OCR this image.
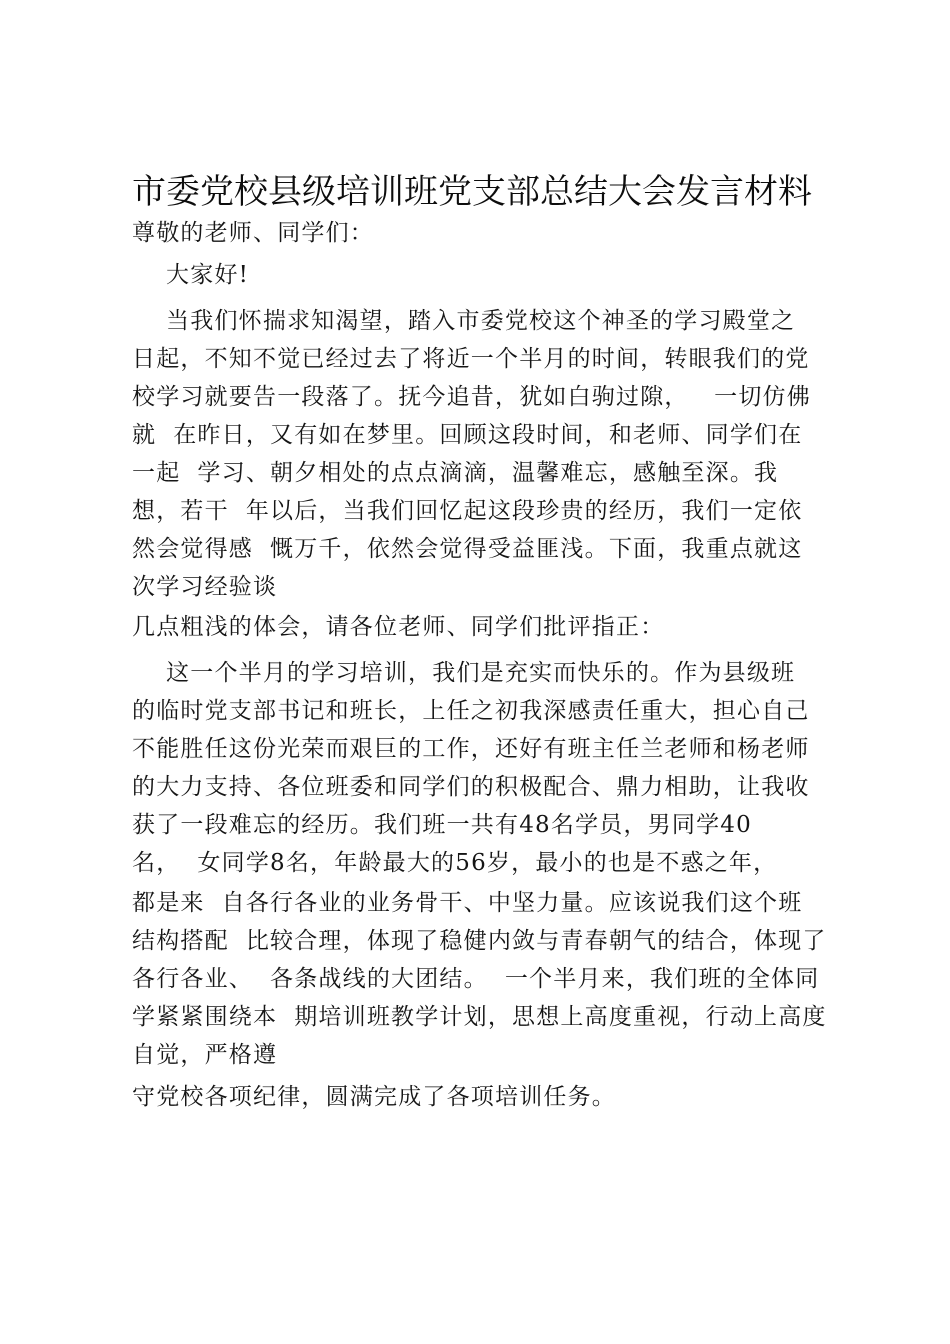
市委党校县级培训班党支部总结大会发言材料
尊敬的老师、同学们：
大家好!
当我们怀揣求知渴望，踏入市委党校这个神圣的学习殿堂之
日起，不知不觉已经过去了将近一个半月的时间，转眼我们的党
校学习就要告一段落了。抚今追昔，犹如白驹过隙，   一切仿佛
就  在昨日，又有如在梦里。回顾这段时间，和老师、同学们在
一起  学习、朝夕相处的点点滴滴，温馨难忘，感触至深。我
想，若干  年以后，当我们回忆起这段珍贵的经历，我们一定依
然会觉得感  慨万千，依然会觉得受益匪浅。下面，我重点就这
次学习经验谈
几点粗浅的体会，请各位老师、同学们批评指正：
这一个半月的学习培训，我们是充实而快乐的。作为县级班
的临时党支部书记和班长，上任之初我深感责任重大，担心自己
不能胜任这份光荣而艰巨的工作，还好有班主任兰老师和杨老师
的大力支持、各位班委和同学们的积极配合、鼎力相助，让我收
获了一段难忘的经历。我们班一共有48名学员，男同学40
名，  女同学8名，年龄最大的56岁，最小的也是不惑之年，
都是来  自各行各业的业务骨干、中坚力量。应该说我们这个班
结构搭配  比较合理，体现了稳健内敛与青春朝气的结合，体现了
各行各业、  各条战线的大团结。  一个半月来，我们班的全体同
学紧紧围绕本  期培训班教学计划，思想上高度重视，行动上高度
自觉，严格遵
守党校各项纪律，圆满完成了各项培训任务。
